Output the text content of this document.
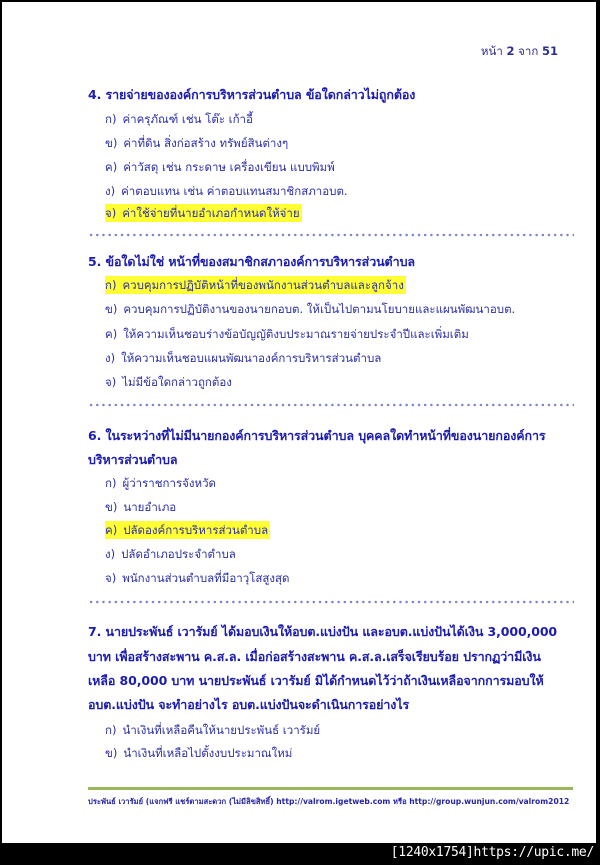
หน้า 2 จาก 51
4. รายจ่ายขององค์การบริหารส่วนตำบล ข้อใดกล่าวไม่ถูกต้อง
ก) ค่าครุภัณฑ์ เช่น โต๊ะ เก้าอี้
ข) ค่าที่ดิน สิ่งก่อสร้าง ทรัพย์สินต่างๆ
ค) ค่าวัสดุ เช่น กระดาษ เครื่องเขียน แบบพิมพ์
ง) ค่าตอบแทน เช่น ค่าตอบแทนสมาชิกสภาอบต.
จ) ค่าใช้จ่ายที่นายอำเภอกำหนดให้จ่าย
5. ข้อใดไม่ใช่ หน้าที่ของสมาชิกสภาองค์การบริหารส่วนตำบล
ก) ควบคุมการปฏิบัติหน้าที่ของพนักงานส่วนตำบลและลูกจ้าง
ข) ควบคุมการปฏิบัติงานของนายกอบต. ให้เป็นไปตามนโยบายและแผนพัฒนาอบต.
ค) ให้ความเห็นชอบร่างข้อบัญญัติงบประมาณรายจ่ายประจำปีและเพิ่มเติม
ง) ให้ความเห็นชอบแผนพัฒนาองค์การบริหารส่วนตำบล
จ) ไม่มีข้อใดกล่าวถูกต้อง
6. ในระหว่างที่ไม่มีนายกองค์การบริหารส่วนตำบล บุคคลใดทำหน้าที่ของนายกองค์การ
บริหารส่วนตำบล
ก) ผู้ว่าราชการจังหวัด
ข) นายอำเภอ
ค) ปลัดองค์การบริหารส่วนตำบล
ง) ปลัดอำเภอประจำตำบล
จ) พนักงานส่วนตำบลที่มีอาวุโสสูงสุด
7. นายประพันธ์ เวารัมย์ ได้มอบเงินให้อบต.แบ่งปัน และอบต.แบ่งปันได้เงิน 3,000,000
บาท เพื่อสร้างสะพาน ค.ส.ล. เมื่อก่อสร้างสะพาน ค.ส.ล.เสร็จเรียบร้อย ปรากฏว่ามีเงิน
เหลือ 80,000 บาท นายประพันธ์ เวารัมย์ มิได้กำหนดไว้ว่าถ้าเงินเหลือจากการมอบให้
อบต.แบ่งปัน จะทำอย่างไร อบต.แบ่งปันจะดำเนินการอย่างไร
ก) นำเงินที่เหลือคืนให้นายประพันธ์ เวารัมย์
ข) นำเงินที่เหลือไปตั้งงบประมาณใหม่
ประพันธ์ เวารัมย์ (แจกฟรี แชร์ตามสะดวก (ไม่มีลิขสิทธิ์) http://valrom.igetweb.com หรือ http://group.wunjun.com/valrom2012
[1240x1754]https://upic.me/
